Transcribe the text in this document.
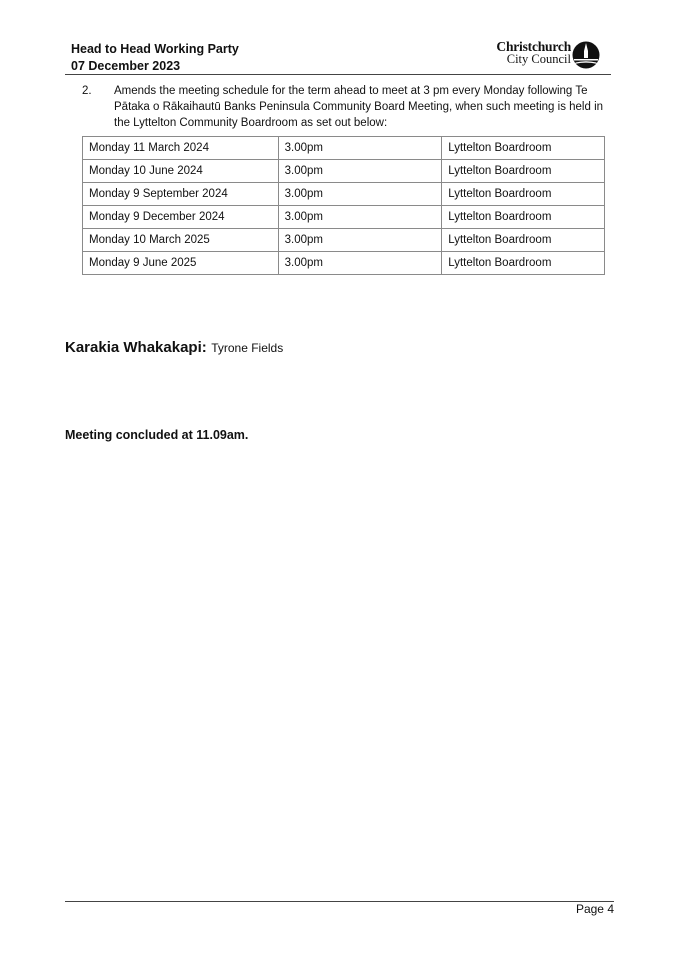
Head to Head Working Party
07 December 2023
Christchurch
City Council
2. Amends the meeting schedule for the term ahead to meet at 3 pm every Monday following Te Pātaka o Rākaihautū Banks Peninsula Community Board Meeting, when such meeting is held in the Lyttelton Community Boardroom as set out below:
Monday 11 March 2024	3.00pm	Lyttelton Boardroom
Monday 10 June 2024	3.00pm	Lyttelton Boardroom
Monday 9 September 2024	3.00pm	Lyttelton Boardroom
Monday 9 December 2024	3.00pm	Lyttelton Boardroom
Monday 10 March 2025	3.00pm	Lyttelton Boardroom
Monday 9 June 2025	3.00pm	Lyttelton Boardroom
Karakia Whakakapi: Tyrone Fields
Meeting concluded at 11.09am.
Page 4
